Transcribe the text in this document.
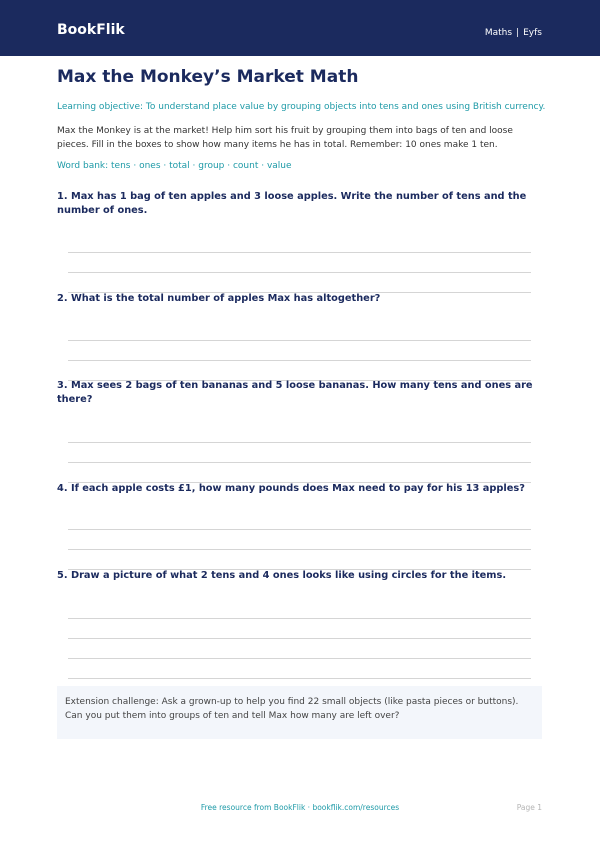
BookFlik	Maths | Eyfs
Max the Monkey’s Market Math
Learning objective: To understand place value by grouping objects into tens and ones using British currency.
Max the Monkey is at the market! Help him sort his fruit by grouping them into bags of ten and loose pieces. Fill in the boxes to show how many items he has in total. Remember: 10 ones make 1 ten.
Word bank: tens · ones · total · group · count · value
1. Max has 1 bag of ten apples and 3 loose apples. Write the number of tens and the number of ones.
2. What is the total number of apples Max has altogether?
3. Max sees 2 bags of ten bananas and 5 loose bananas. How many tens and ones are there?
4. If each apple costs £1, how many pounds does Max need to pay for his 13 apples?
5. Draw a picture of what 2 tens and 4 ones looks like using circles for the items.
Extension challenge: Ask a grown-up to help you find 22 small objects (like pasta pieces or buttons). Can you put them into groups of ten and tell Max how many are left over?
Free resource from BookFlik · bookflik.com/resources	Page 1
